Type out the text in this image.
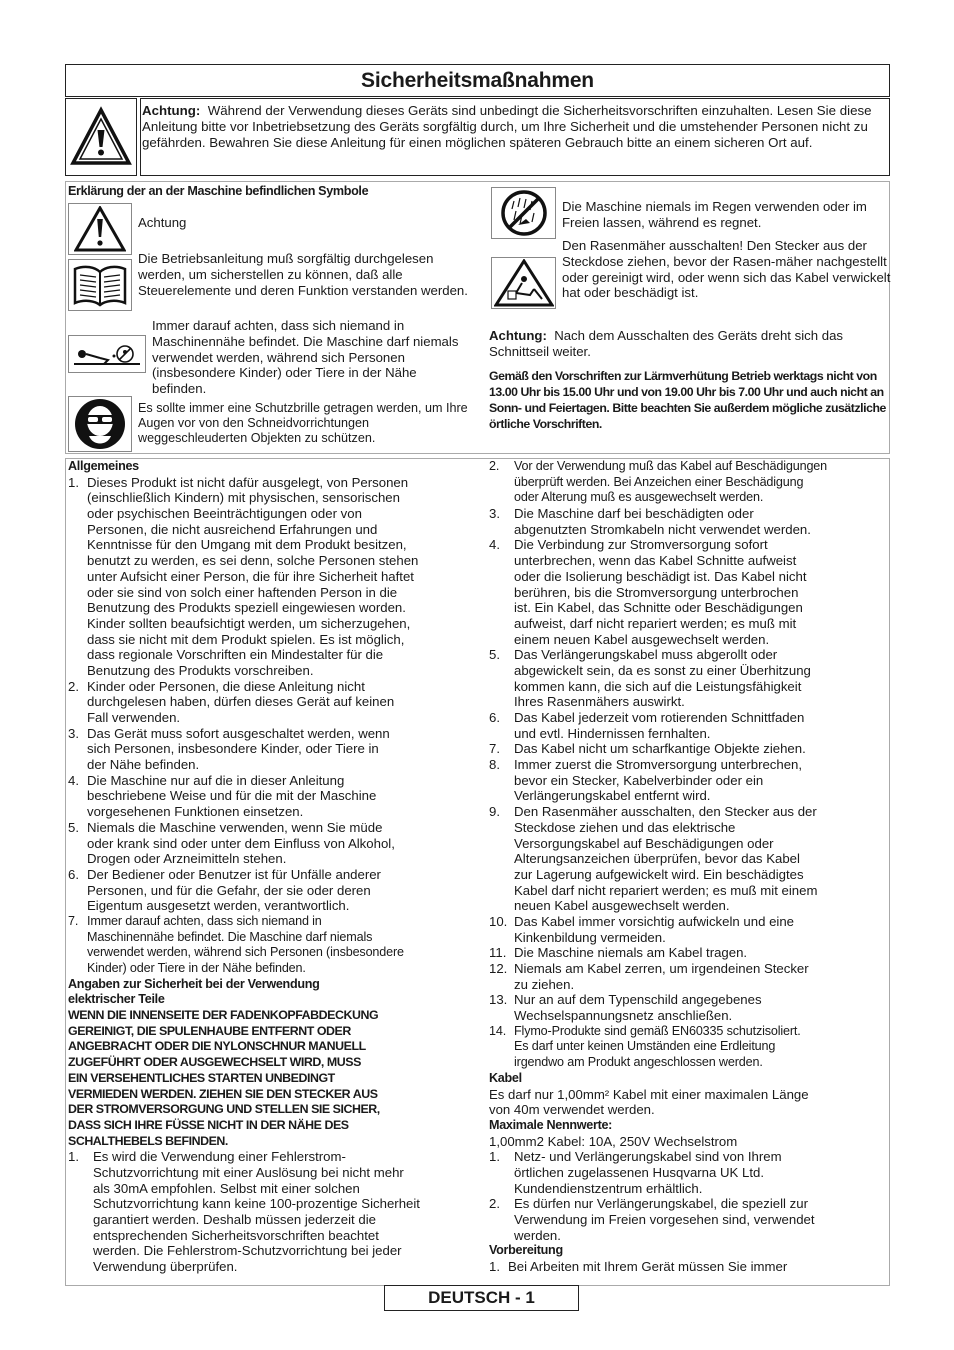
Sicherheitsmaßnahmen
Achtung: Während der Verwendung dieses Geräts sind unbedingt die Sicherheitsvorschriften einzuhalten. Lesen Sie diese Anleitung bitte vor Inbetriebsetzung des Geräts sorgfältig durch, um Ihre Sicherheit und die umstehender Personen nicht zu gefährden. Bewahren Sie diese Anleitung für einen möglichen späteren Gebrauch bitte an einem sicheren Ort auf.
Erklärung der an der Maschine befindlichen Symbole
Achtung
Die Betriebsanleitung muß sorgfältig durchgelesen werden, um sicherstellen zu können, daß alle Steuerelemente und deren Funktion verstanden werden.
Immer darauf achten, dass sich niemand in Maschinennähe befindet. Die Maschine darf niemals verwendet werden, während sich Personen (insbesondere Kinder) oder Tiere in der Nähe befinden.
Es sollte immer eine Schutzbrille getragen werden, um Ihre Augen vor von den Schneidvorrichtungen weggeschleuderten Objekten zu schützen.
Die Maschine niemals im Regen verwenden oder im Freien lassen, während es regnet.
Den Rasenmäher ausschalten! Den Stecker aus der Steckdose ziehen, bevor der Rasen-mäher nachgestellt oder gereinigt wird, oder wenn sich das Kabel verwickelt hat oder beschädigt ist.
Achtung: Nach dem Ausschalten des Geräts dreht sich das Schnittseil weiter.
Gemäß den Vorschriften zur Lärmverhütung Betrieb werktags nicht von 13.00 Uhr bis 15.00 Uhr und von 19.00 Uhr bis 7.00 Uhr und auch nicht an Sonn- und Feiertagen. Bitte beachten Sie außerdem mögliche zusätzliche örtliche Vorschriften.
Allgemeines
1. Dieses Produkt ist nicht dafür ausgelegt, von Personen
(einschließlich Kindern) mit physischen, sensorischen
oder psychischen Beeinträchtigungen oder von
Personen, die nicht ausreichend Erfahrungen und
Kenntnisse für den Umgang mit dem Produkt besitzen,
benutzt zu werden, es sei denn, solche Personen stehen
unter Aufsicht einer Person, die für ihre Sicherheit haftet
oder sie sind von solch einer haftenden Person in die
Benutzung des Produkts speziell eingewiesen worden.
Kinder sollten beaufsichtigt werden, um sicherzugehen,
dass sie nicht mit dem Produkt spielen. Es ist möglich,
dass regionale Vorschriften ein Mindestalter für die
Benutzung des Produkts vorschreiben.
2. Kinder oder Personen, die diese Anleitung nicht
durchgelesen haben, dürfen dieses Gerät auf keinen
Fall verwenden.
3. Das Gerät muss sofort ausgeschaltet werden, wenn
sich Personen, insbesondere Kinder, oder Tiere in
der Nähe befinden.
4. Die Maschine nur auf die in dieser Anleitung
beschriebene Weise und für die mit der Maschine
vorgesehenen Funktionen einsetzen.
5. Niemals die Maschine verwenden, wenn Sie müde
oder krank sind oder unter dem Einfluss von Alkohol,
Drogen oder Arzneimitteln stehen.
6. Der Bediener oder Benutzer ist für Unfälle anderer
Personen, und für die Gefahr, der sie oder deren
Eigentum ausgesetzt werden, verantwortlich.
7. Immer darauf achten, dass sich niemand in
Maschinennähe befindet. Die Maschine darf niemals
verwendet werden, während sich Personen (insbesondere
Kinder) oder Tiere in der Nähe befinden.
Angaben zur Sicherheit bei der Verwendung
elektrischer Teile
WENN DIE INNENSEITE DER FADENKOPFABDECKUNG
GEREINIGT, DIE SPULENHAUBE ENTFERNT ODER
ANGEBRACHT ODER DIE NYLONSCHNUR MANUELL
ZUGEFÜHRT ODER AUSGEWECHSELT WIRD, MUSS
EIN VERSEHENTLICHES STARTEN UNBEDINGT
VERMIEDEN WERDEN. ZIEHEN SIE DEN STECKER AUS
DER STROMVERSORGUNG UND STELLEN SIE SICHER,
DASS SICH IHRE FÜSSE NICHT IN DER NÄHE DES
SCHALTHEBELS BEFINDEN.
1. Es wird die Verwendung einer Fehlerstrom-
Schutzvorrichtung mit einer Auslösung bei nicht mehr
als 30mA empfohlen. Selbst mit einer solchen
Schutzvorrichtung kann keine 100-prozentige Sicherheit
garantiert werden. Deshalb müssen jederzeit die
entsprechenden Sicherheitsvorschriften beachtet
werden. Die Fehlerstrom-Schutzvorrichtung bei jeder
Verwendung überprüfen.
2. Vor der Verwendung muß das Kabel auf Beschädigungen
überprüft werden. Bei Anzeichen einer Beschädigung
oder Alterung muß es ausgewechselt werden.
3. Die Maschine darf bei beschädigten oder
abgenutzten Stromkabeln nicht verwendet werden.
4. Die Verbindung zur Stromversorgung sofort
unterbrechen, wenn das Kabel Schnitte aufweist
oder die Isolierung beschädigt ist. Das Kabel nicht
berühren, bis die Stromversorgung unterbrochen
ist. Ein Kabel, das Schnitte oder Beschädigungen
aufweist, darf nicht repariert werden; es muß mit
einem neuen Kabel ausgewechselt werden.
5. Das Verlängerungskabel muss abgerollt oder
abgewickelt sein, da es sonst zu einer Überhitzung
kommen kann, die sich auf die Leistungsfähigkeit
Ihres Rasenmähers auswirkt.
6. Das Kabel jederzeit vom rotierenden Schnittfaden
und evtl. Hindernissen fernhalten.
7. Das Kabel nicht um scharfkantige Objekte ziehen.
8. Immer zuerst die Stromversorgung unterbrechen,
bevor ein Stecker, Kabelverbinder oder ein
Verlängerungskabel entfernt wird.
9. Den Rasenmäher ausschalten, den Stecker aus der
Steckdose ziehen und das elektrische
Versorgungskabel auf Beschädigungen oder
Alterungsanzeichen überprüfen, bevor das Kabel
zur Lagerung aufgewickelt wird. Ein beschädigtes
Kabel darf nicht repariert werden; es muß mit einem
neuen Kabel ausgewechselt werden.
10. Das Kabel immer vorsichtig aufwickeln und eine
Kinkenbildung vermeiden.
11. Die Maschine niemals am Kabel tragen.
12. Niemals am Kabel zerren, um irgendeinen Stecker
zu ziehen.
13. Nur an auf dem Typenschild angegebenes
Wechselspannungsnetz anschließen.
14. Flymo-Produkte sind gemäß EN60335 schutzisoliert.
Es darf unter keinen Umständen eine Erdleitung
irgendwo am Produkt angeschlossen werden.
Kabel
Es darf nur 1,00mm² Kabel mit einer maximalen Länge
von 40m verwendet werden.
Maximale Nennwerte:
1,00mm2 Kabel: 10A, 250V Wechselstrom
1. Netz- und Verlängerungskabel sind von Ihrem
örtlichen zugelassenen Husqvarna UK Ltd.
Kundendienstzentrum erhältlich.
2. Es dürfen nur Verlängerungskabel, die speziell zur
Verwendung im Freien vorgesehen sind, verwendet
werden.
Vorbereitung
1. Bei Arbeiten mit Ihrem Gerät müssen Sie immer
DEUTSCH - 1
